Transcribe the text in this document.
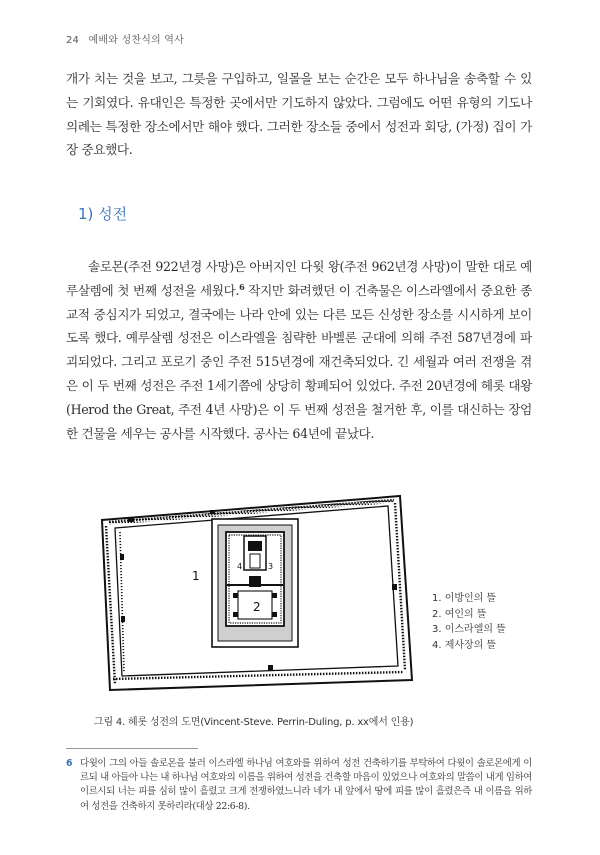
24 예배와 성찬식의 역사

개가 치는 것을 보고, 그릇을 구입하고, 일몰을 보는 순간은 모두 하나님을 송축할 수 있는 기회였다. 유대인은 특정한 곳에서만 기도하지 않았다. 그럼에도 어떤 유형의 기도나 의례는 특정한 장소에서만 해야 했다. 그러한 장소들 중에서 성전과 회당, (가정) 집이 가장 중요했다.

1) 성전

솔로몬(주전 922년경 사망)은 아버지인 다윗 왕(주전 962년경 사망)이 말한 대로 예루살렘에 첫 번째 성전을 세웠다.$^6$ 작지만 화려했던 이 건축물은 이스라엘에서 중요한 종교적 중심지가 되었고, 결국에는 나라 안에 있는 다른 모든 신성한 장소를 시시하게 보이도록 했다. 예루살렘 성전은 이스라엘을 침략한 바벨론 군대에 의해 주전 587년경에 파괴되었다. 그리고 포로기 중인 주전 515년경에 재건축되었다. 긴 세월과 여러 전쟁을 겪은 이 두 번째 성전은 주전 1세기쯤에 상당히 황폐되어 있었다. 주전 20년경에 헤롯 대왕(Herod the Great, 주전 4년 사망)은 이 두 번째 성전을 철거한 후, 이를 대신하는 장엄한 건물을 세우는 공사를 시작했다. 공사는 64년에 끝났다.

1
2
3
4
1. 이방인의 뜰
2. 여인의 뜰
3. 이스라엘의 뜰
4. 제사장의 뜰
그림 4. 헤롯 성전의 도면(Vincent-Steve. Perrin-Duling, p. xx에서 인용)
6 다윗이 그의 아들 솔로몬을 불러 이스라엘 하나님 여호와를 위하여 성전 건축하기를 부탁하여 다윗이 솔로몬에게 이르되 내 아들아 나는 내 하나님 여호와의 이름을 위하여 성전을 건축할 마음이 있었으나 여호와의 말씀이 내게 임하여 이르시되 너는 피를 심히 많이 흘렸고 크게 전쟁하였느니라 네가 내 앞에서 땅에 피를 많이 흘렸은즉 내 이름을 위하여 성전을 건축하지 못하리라(대상 22:6-8).
